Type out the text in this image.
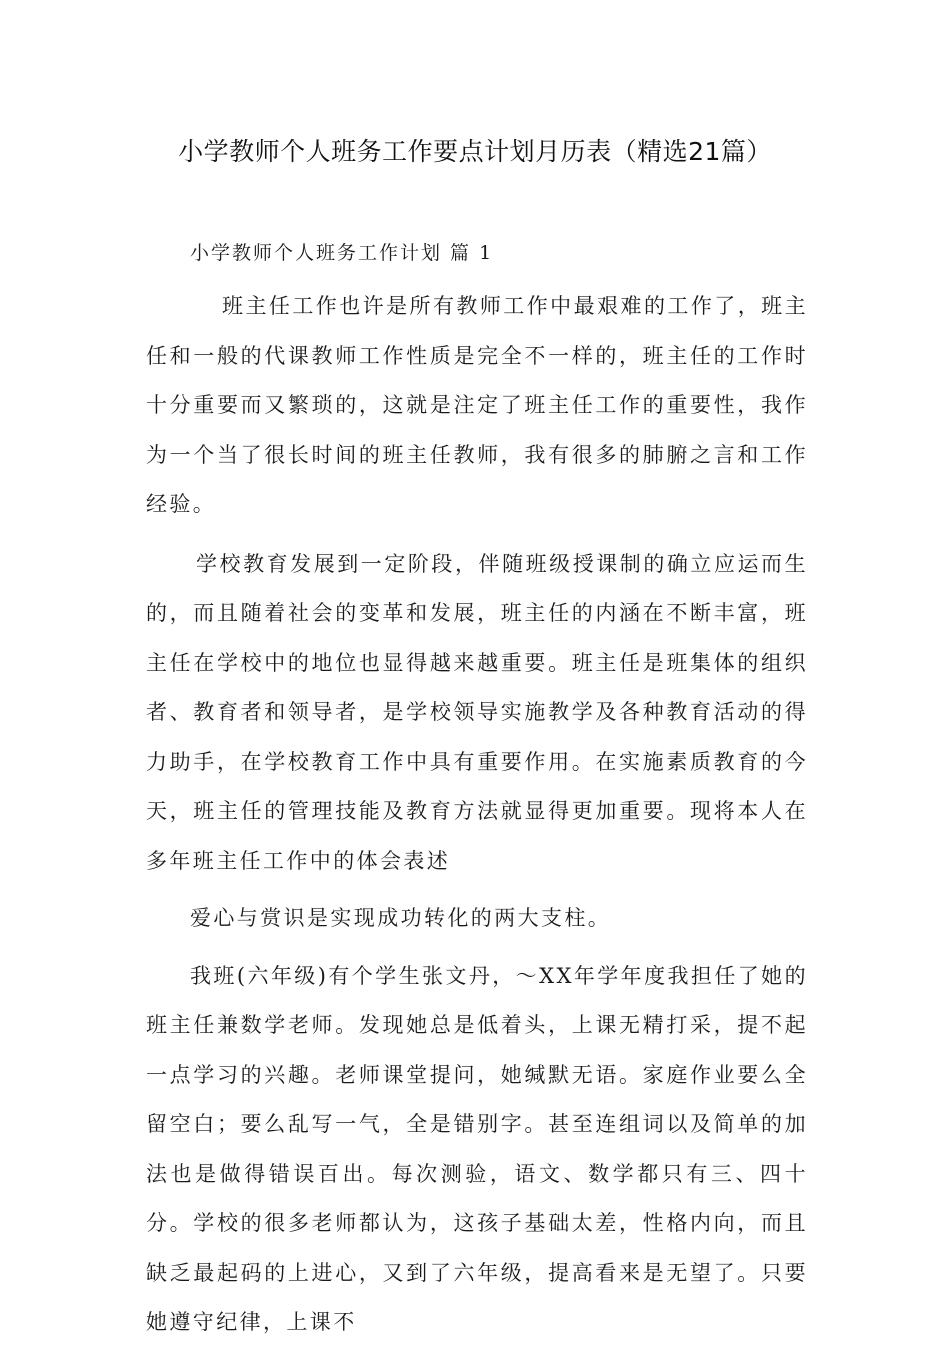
小学教师个人班务工作要点计划月历表（精选21篇）
小学教师个人班务工作计划 篇 1

班主任工作也许是所有教师工作中最艰难的工作了，班主任和一般的代课教师工作性质是完全不一样的，班主任的工作时十分重要而又繁琐的，这就是注定了班主任工作的重要性，我作为一个当了很长时间的班主任教师，我有很多的肺腑之言和工作经验。

学校教育发展到一定阶段，伴随班级授课制的确立应运而生的，而且随着社会的变革和发展，班主任的内涵在不断丰富，班主任在学校中的地位也显得越来越重要。班主任是班集体的组织者、教育者和领导者，是学校领导实施教学及各种教育活动的得力助手，在学校教育工作中具有重要作用。在实施素质教育的今天，班主任的管理技能及教育方法就显得更加重要。现将本人在多年班主任工作中的体会表述

爱心与赏识是实现成功转化的两大支柱。

我班(六年级)有个学生张文丹，～XX年学年度我担任了她的班主任兼数学老师。发现她总是低着头，上课无精打采，提不起一点学习的兴趣。老师课堂提问，她缄默无语。家庭作业要么全留空白；要么乱写一气，全是错别字。甚至连组词以及简单的加法也是做得错误百出。每次测验，语文、数学都只有三、四十分。学校的很多老师都认为，这孩子基础太差，性格内向，而且缺乏最起码的上进心，又到了六年级，提高看来是无望了。只要她遵守纪律，上课不
